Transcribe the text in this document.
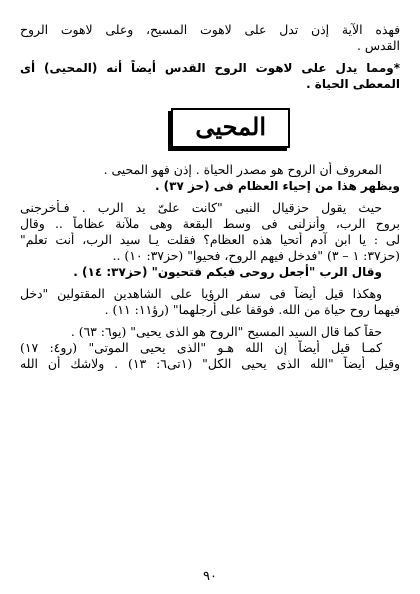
فهذه الآية إذن تدل على لاهوت المسيح، وعلى لاهوت الروح
القدس .
*ومما يدل على لاهوت الروح القدس أيضاً أنه (المحيى) أى
المعطى الحياة .
المحيى
المعروف أن الروح هو مصدر الحياة . إذن فهو المحيى .
ويظهر هذا من إحياء العظام فى (حز ٣٧) .
حيث يقول حزقيال النبى "كانت علىّ يد الرب . فـأخرجنى
بروح الرب، وأنزلنى فى وسط البقعة وهى ملآنة عظاماً .. وقال
لى : يا ابن آدم أتحيا هذه العظام؟ فقلت يـا سيد الرب، أنت تعلم"
(حز٣٧: ١ – ٣) "فدخل فيهم الروح، فحيوا" (حز٣٧: ١٠) ..
وقال الرب "أجعل روحى فيكم فتحيون" (حز٣٧: ١٤) .
وهكذا قيل أيضاً فى سفر الرؤيا على الشاهدين المقتولين "دخل
فيهما روح حياة من الله. فوقفا على أرجلهما" (رؤ١١: ١١) .
حقاً كما قال السيد المسيح "الروح هو الذى يحيى" (يو٦: ٦٣) .
كمـا قيل أيضاً إن الله هـو "الذى يحيى الموتى" (رو٤: ١٧)
وقيل أيضاً "الله الذى يحيى الكل" (١تى٦: ١٣) . ولاشك أن الله
٩٠
